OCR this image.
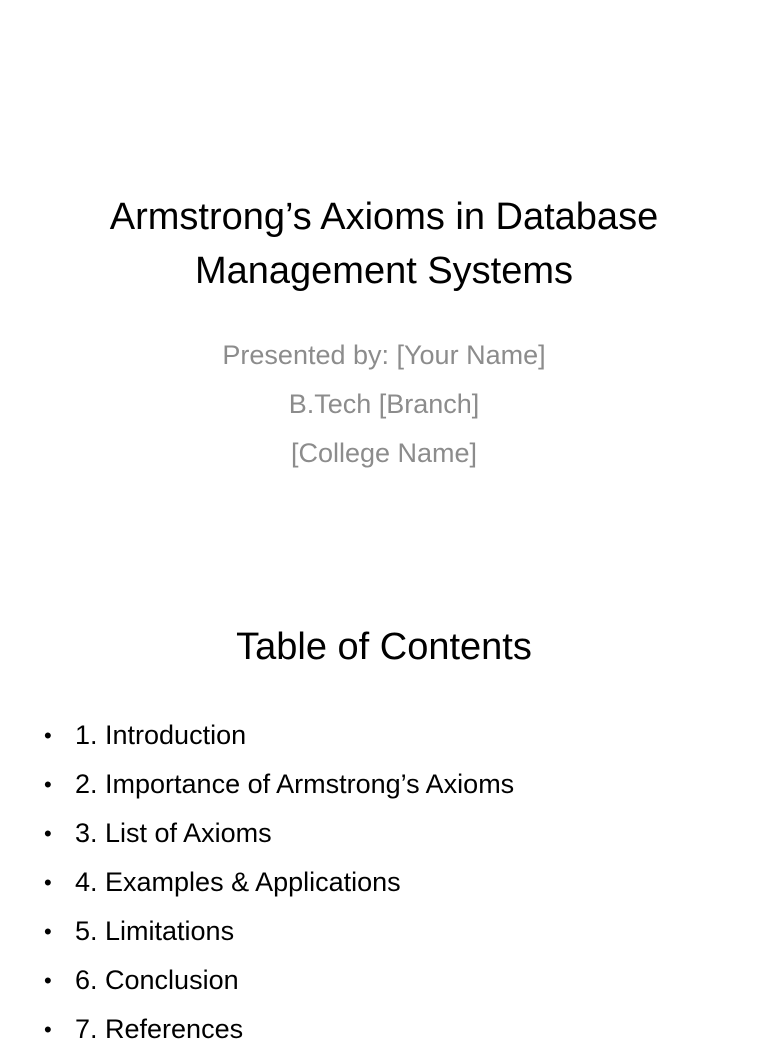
Armstrong’s Axioms in Database
Management Systems
Presented by: [Your Name]
B.Tech [Branch]
[College Name]
Table of Contents
• 1. Introduction
• 2. Importance of Armstrong’s Axioms
• 3. List of Axioms
• 4. Examples & Applications
• 5. Limitations
• 6. Conclusion
• 7. References
